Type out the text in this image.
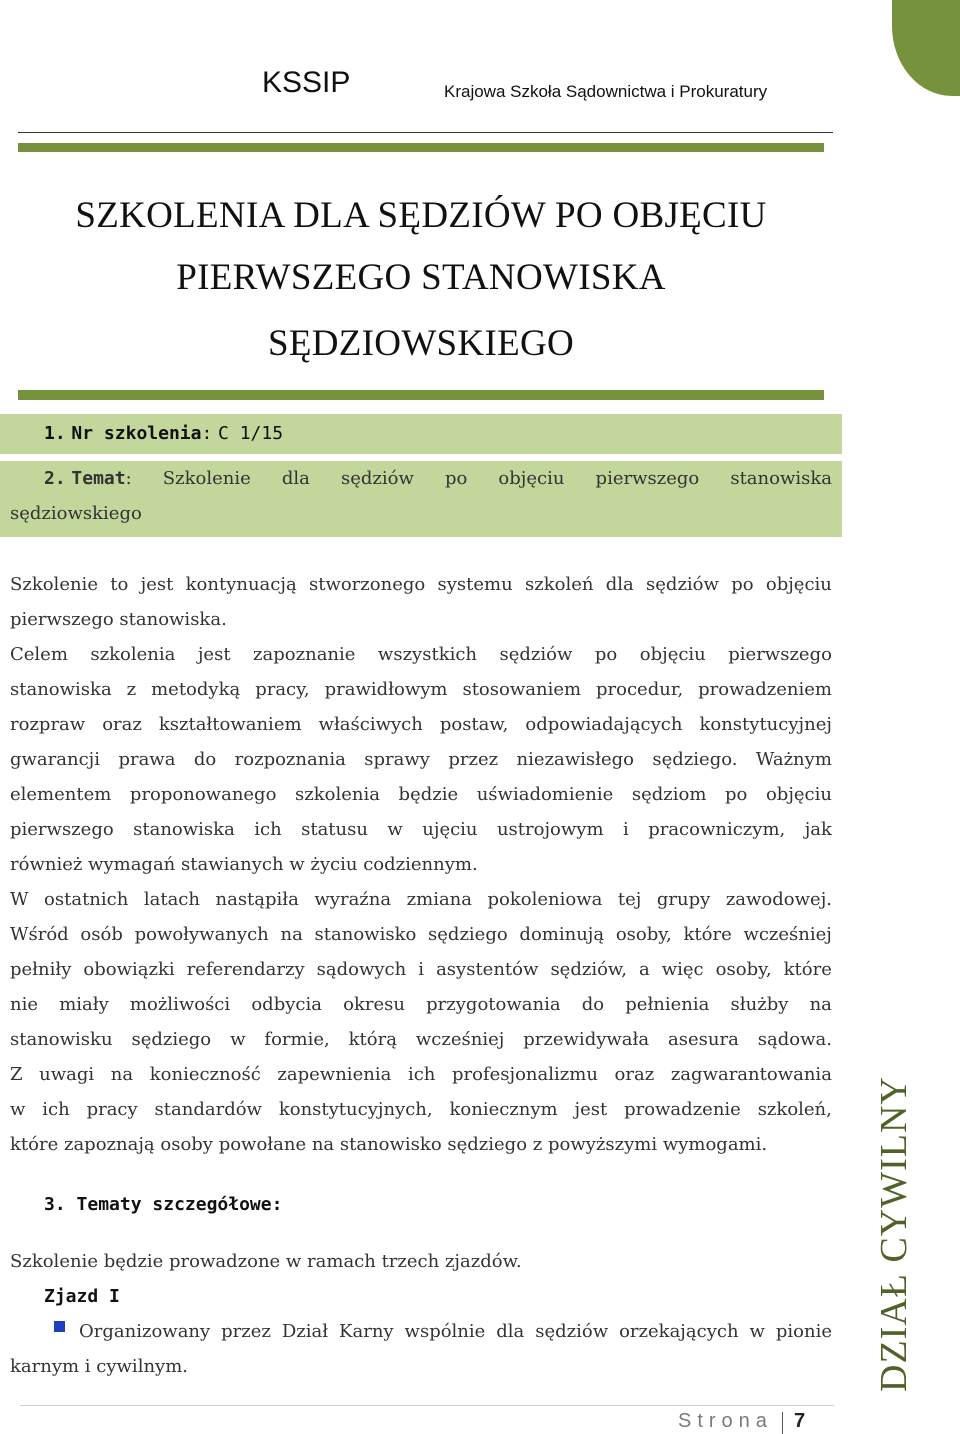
KSSIP	Krajowa Szkoła Sądownictwa i Prokuratury
SZKOLENIA DLA SĘDZIÓW PO OBJĘCIU
PIERWSZEGO STANOWISKA
SĘDZIOWSKIEGO
1. Nr szkolenia: C 1/15
2. Temat: Szkolenie dla sędziów po objęciu pierwszego stanowiska
sędziowskiego
Szkolenie to jest kontynuacją stworzonego systemu szkoleń dla sędziów po objęciu
pierwszego stanowiska.
Celem szkolenia jest zapoznanie wszystkich sędziów po objęciu pierwszego
stanowiska z metodyką pracy, prawidłowym stosowaniem procedur, prowadzeniem
rozpraw oraz kształtowaniem właściwych postaw, odpowiadających konstytucyjnej
gwarancji prawa do rozpoznania sprawy przez niezawisłego sędziego. Ważnym
elementem proponowanego szkolenia będzie uświadomienie sędziom po objęciu
pierwszego stanowiska ich statusu w ujęciu ustrojowym i pracowniczym, jak
również wymagań stawianych w życiu codziennym.
W ostatnich latach nastąpiła wyraźna zmiana pokoleniowa tej grupy zawodowej.
Wśród osób powoływanych na stanowisko sędziego dominują osoby, które wcześniej
pełniły obowiązki referendarzy sądowych i asystentów sędziów, a więc osoby, które
nie miały możliwości odbycia okresu przygotowania do pełnienia służby na
stanowisku sędziego w formie, którą wcześniej przewidywała asesura sądowa.
Z uwagi na konieczność zapewnienia ich profesjonalizmu oraz zagwarantowania
w ich pracy standardów konstytucyjnych, koniecznym jest prowadzenie szkoleń,
które zapoznają osoby powołane na stanowisko sędziego z powyższymi wymogami.
3. Tematy szczegółowe:
Szkolenie będzie prowadzone w ramach trzech zjazdów.
Zjazd I
Organizowany przez Dział Karny wspólnie dla sędziów orzekających w pionie
karnym i cywilnym.	DZIAŁ CYWILNY
Strona 7
